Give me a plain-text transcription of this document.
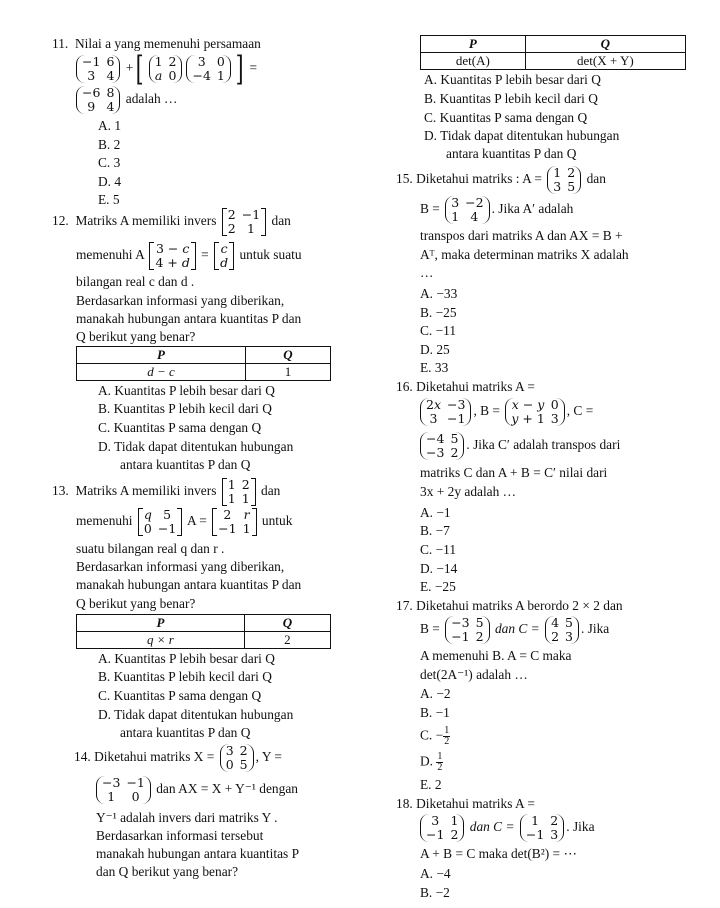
11. Nilai a yang memenuhi persamaan
−1	6
3	4
+[ 1	2
a	0
3	0
−4	1 ] =
−6	8
9	4
adalah …
A. 1
B. 2
C. 3
D. 4
E. 5
12. Matriks A memiliki invers 2	−1
2	1
dan
memenuhi A 3 − c
4 + d
= c
d
untuk suatu
bilangan real c dan d .
Berdasarkan informasi yang diberikan,
manakah hubungan antara kuantitas P dan
Q berikut yang benar?
P	Q
d − c	1
A. Kuantitas P lebih besar dari Q
B. Kuantitas P lebih kecil dari Q
C. Kuantitas P sama dengan Q
D. Tidak dapat ditentukan hubungan
antara kuantitas P dan Q
13. Matriks A memiliki invers 1	2
1	1
dan
memenuhi q	5
0	−1
A = 2	r
−1	1
untuk
suatu bilangan real q dan r .
Berdasarkan informasi yang diberikan,
manakah hubungan antara kuantitas P dan
Q berikut yang benar?
P	Q
q × r	2
A. Kuantitas P lebih besar dari Q
B. Kuantitas P lebih kecil dari Q
C. Kuantitas P sama dengan Q
D. Tidak dapat ditentukan hubungan
antara kuantitas P dan Q
14. Diketahui matriks X = 3	2
0	5
, Y =
−3	−1
1	0
dan AX = X + Y⁻¹ dengan
Y⁻¹ adalah invers dari matriks Y .
Berdasarkan informasi tersebut
manakah hubungan antara kuantitas P
dan Q berikut yang benar?
P	Q
det(A)	det(X + Y)
A. Kuantitas P lebih besar dari Q
B. Kuantitas P lebih kecil dari Q
C. Kuantitas P sama dengan Q
D. Tidak dapat ditentukan hubungan
antara kuantitas P dan Q
15. Diketahui matriks : A = 1	2
3	5
dan
B = 3	−2
1	4
. Jika A′ adalah
transpos dari matriks A dan AX = B +
Aᵀ, maka determinan matriks X adalah
…
A. −33
B. −25
C. −11
D. 25
E. 33
16. Diketahui matriks A =
2x	−3
3	−1
, B = x − y	0
y + 1	3
, C =
−4	5
−3	2
. Jika C′ adalah transpos dari
matriks C dan A + B = C′ nilai dari
3x + 2y adalah …
A. −1
B. −7
C. −11
D. −14
E. −25
17. Diketahui matriks A berordo 2 × 2 dan
B = −3	5
−1	2
dan C = 4	5
2	3
. Jika
A memenuhi B. A = C maka
det(2A⁻¹) adalah …
A. −2
B. −1
C. − $\frac{1}{2}$
D. $\frac{1}{2}$
E. 2
18. Diketahui matriks A =
3	1
−1	2
dan C = 1	2
−1	3
. Jika
A + B = C maka det(B²) = ⋯
A. −4
B. −2
